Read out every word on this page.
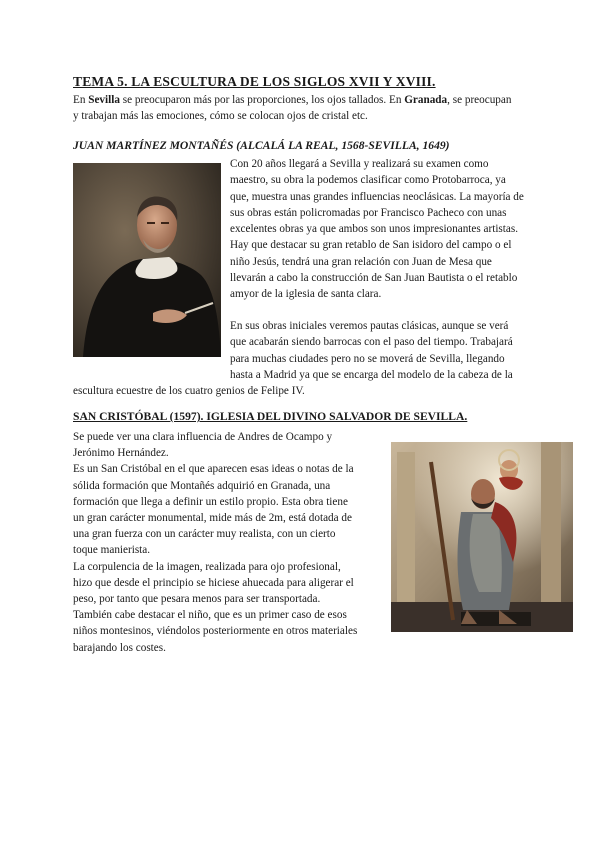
TEMA 5. LA ESCULTURA DE LOS SIGLOS XVII Y XVIII.

En Sevilla se preocuparon más por las proporciones, los ojos tallados. En Granada, se preocupan
y trabajan más las emociones, cómo se colocan ojos de cristal etc.

JUAN MARTÍNEZ MONTAÑÉS (ALCALÁ LA REAL, 1568-SEVILLA, 1649)
Con 20 años llegará a Sevilla y realizará su examen como
maestro, su obra la podemos clasificar como Protobarroca, ya
que, muestra unas grandes influencias neoclásicas. La mayoría de
sus obras están policromadas por Francisco Pacheco con unas
excelentes obras ya que ambos son unos impresionantes artistas.
Hay que destacar su gran retablo de San isidoro del campo o el
niño Jesús, tendrá una gran relación con Juan de Mesa que
llevarán a cabo la construcción de San Juan Bautista o el retablo
amyor de la iglesia de santa clara.
En sus obras iniciales veremos pautas clásicas, aunque se verá
que acabarán siendo barrocas con el paso del tiempo. Trabajará
para muchas ciudades pero no se moverá de Sevilla, llegando
hasta a Madrid ya que se encarga del modelo de la cabeza de la
escultura ecuestre de los cuatro genios de Felipe IV.
SAN CRISTÓBAL (1597). IGLESIA DEL DIVINO SALVADOR DE SEVILLA.
Se puede ver una clara influencia de Andres de Ocampo y
Jerónimo Hernández.
Es un San Cristóbal en el que aparecen esas ideas o notas de la
sólida formación que Montañés adquirió en Granada, una
formación que llega a definir un estilo propio. Esta obra tiene
un gran carácter monumental, mide más de 2m, está dotada de
una gran fuerza con un carácter muy realista, con un cierto
toque manierista.
La corpulencia de la imagen, realizada para ojo profesional,
hizo que desde el principio se hiciese ahuecada para aligerar el
peso, por tanto que pesara menos para ser transportada.
También cabe destacar el niño, que es un primer caso de esos
niños montesinos, viéndolos posteriormente en otros materiales
barajando los costes.
